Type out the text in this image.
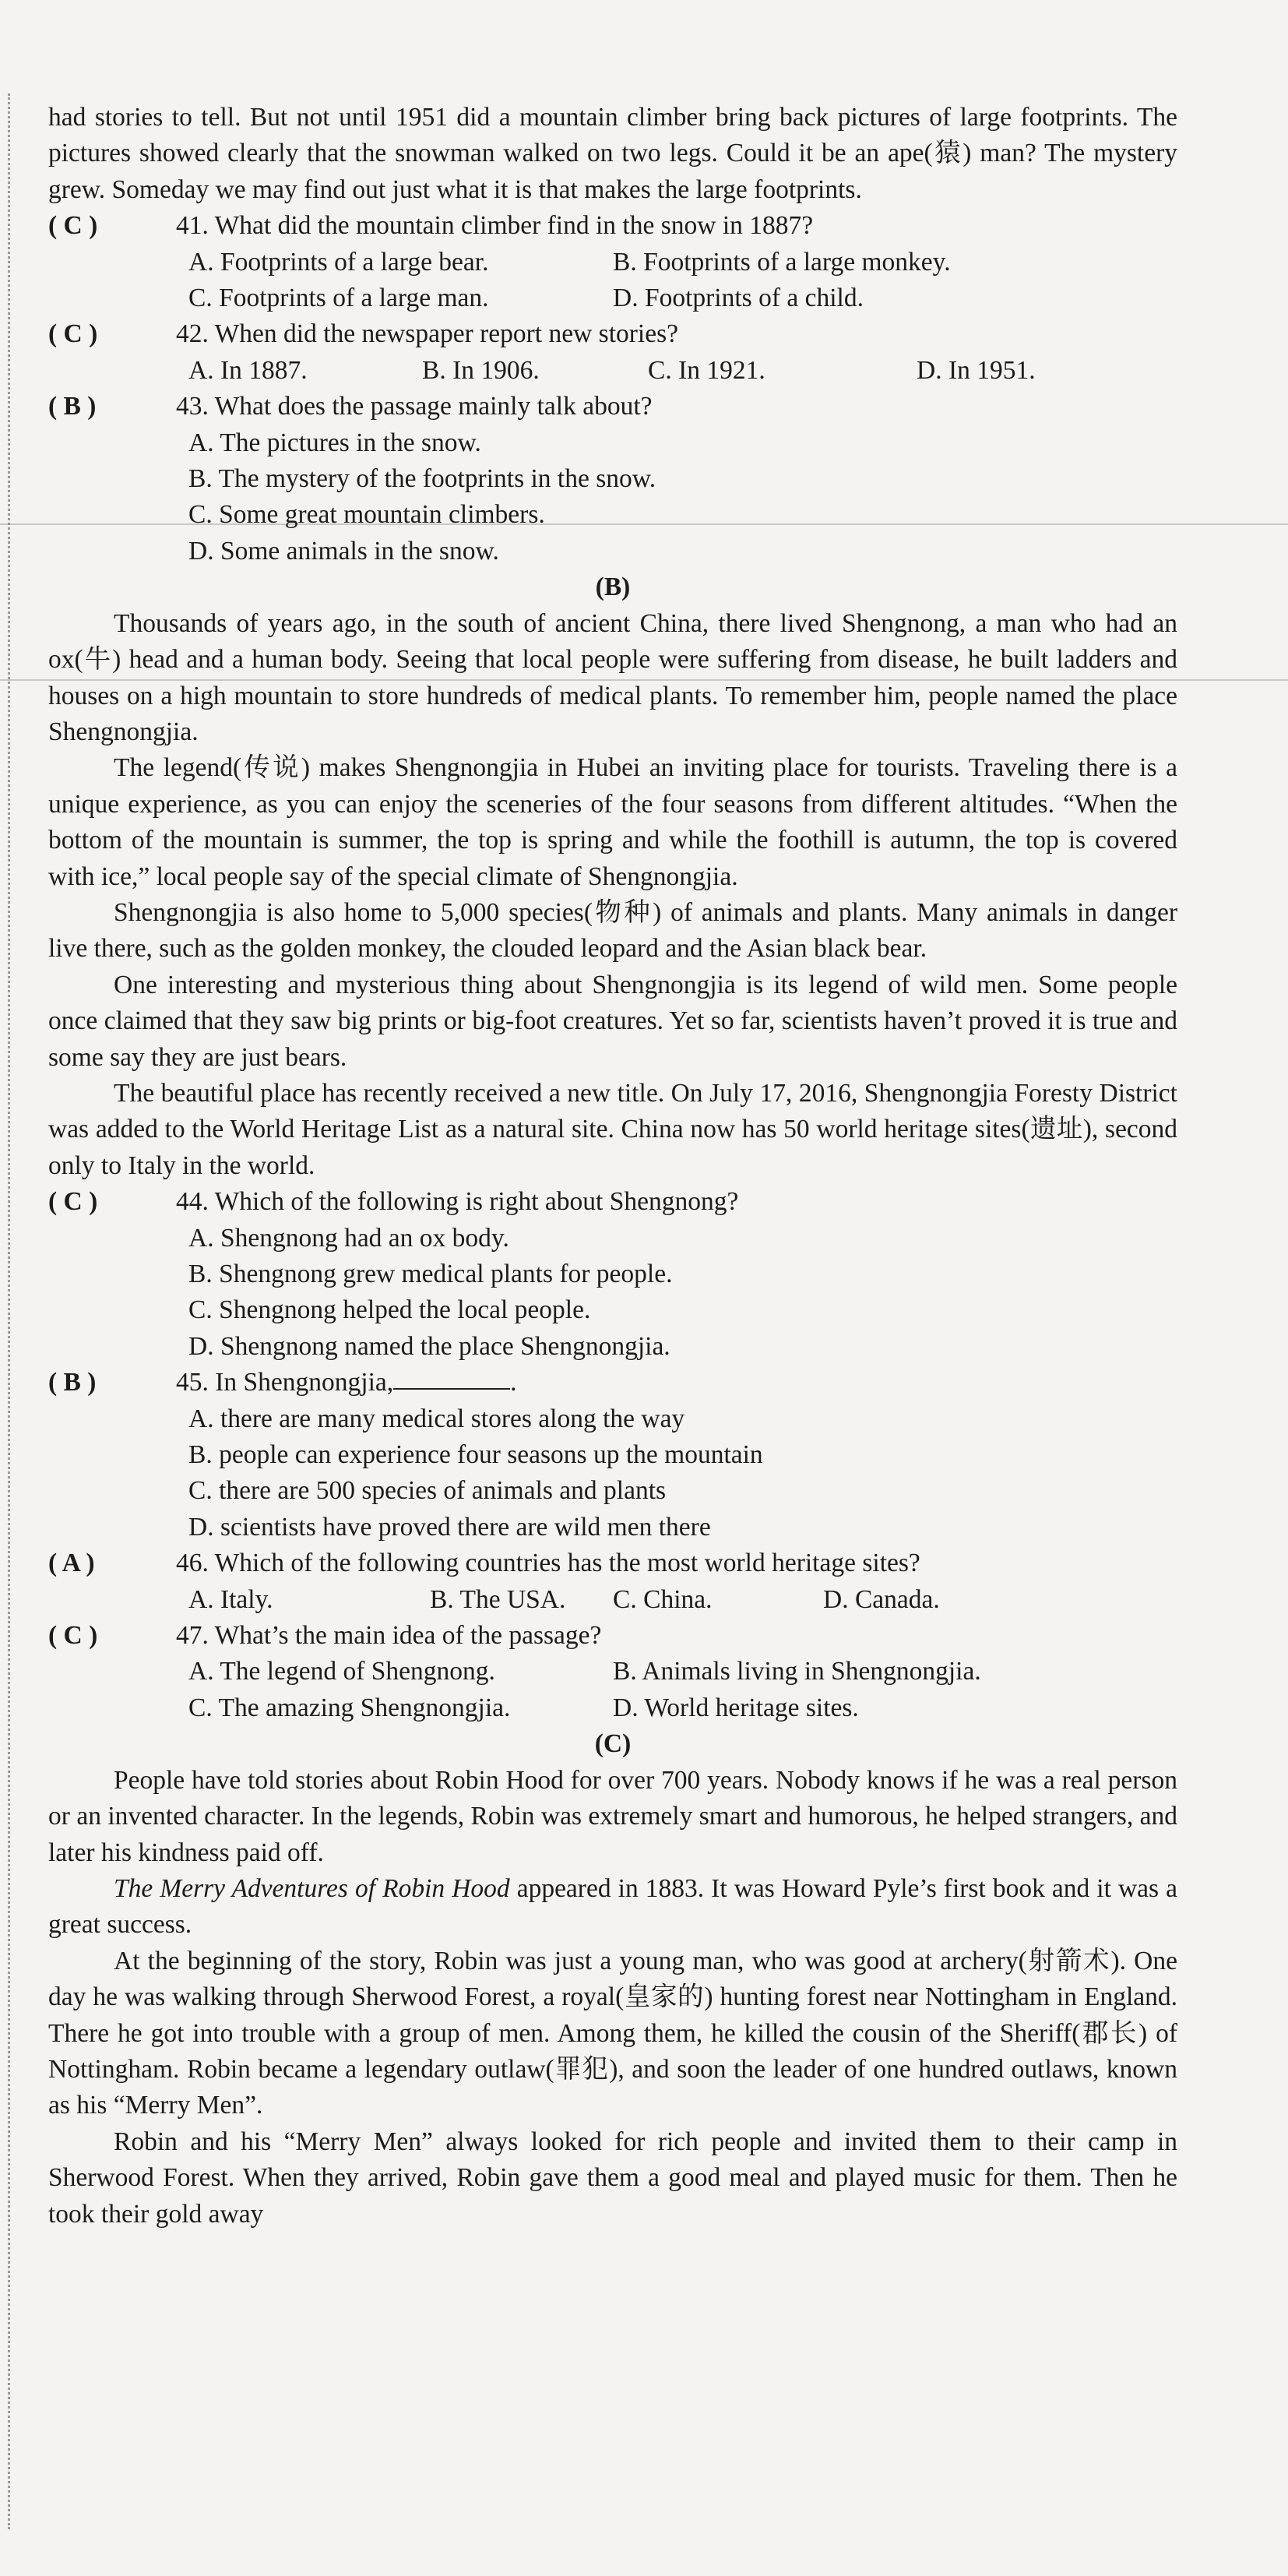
had stories to tell. But not until 1951 did a mountain climber bring back pictures of large footprints. The pictures showed clearly that the snowman walked on two legs. Could it be an ape(猿) man? The mystery grew. Someday we may find out just what it is that makes the large footprints.

( C )	41. What did the mountain climber find in the snow in 1887?
A. Footprints of a large bear.	B. Footprints of a large monkey.
C. Footprints of a large man.	D. Footprints of a child.
( C )	42. When did the newspaper report new stories?
A. In 1887.	B. In 1906.	C. In 1921.	D. In 1951.
( B )	43. What does the passage mainly talk about?
A. The pictures in the snow.
B. The mystery of the footprints in the snow.
C. Some great mountain climbers.
D. Some animals in the snow.
(B)

Thousands of years ago, in the south of ancient China, there lived Shengnong, a man who had an ox(牛) head and a human body. Seeing that local people were suffering from disease, he built ladders and houses on a high mountain to store hundreds of medical plants. To remember him, people named the place Shengnongjia.

The legend(传说) makes Shengnongjia in Hubei an inviting place for tourists. Traveling there is a unique experience, as you can enjoy the sceneries of the four seasons from different altitudes. “When the bottom of the mountain is summer, the top is spring and while the foothill is autumn, the top is covered with ice,” local people say of the special climate of Shengnongjia.

Shengnongjia is also home to 5,000 species(物种) of animals and plants. Many animals in danger live there, such as the golden monkey, the clouded leopard and the Asian black bear.

One interesting and mysterious thing about Shengnongjia is its legend of wild men. Some people once claimed that they saw big prints or big-foot creatures. Yet so far, scientists haven’t proved it is true and some say they are just bears.

The beautiful place has recently received a new title. On July 17, 2016, Shengnongjia Foresty District was added to the World Heritage List as a natural site. China now has 50 world heritage sites(遗址), second only to Italy in the world.

( C )	44. Which of the following is right about Shengnong?
A. Shengnong had an ox body.
B. Shengnong grew medical plants for people.
C. Shengnong helped the local people.
D. Shengnong named the place Shengnongjia.
( B )	45. In Shengnongjia,	.
A. there are many medical stores along the way
B. people can experience four seasons up the mountain
C. there are 500 species of animals and plants
D. scientists have proved there are wild men there
( A )	46. Which of the following countries has the most world heritage sites?
A. Italy.	B. The USA.	C. China.	D. Canada.
( C )	47. What’s the main idea of the passage?
A. The legend of Shengnong.	B. Animals living in Shengnongjia.
C. The amazing Shengnongjia.	D. World heritage sites.
(C)

People have told stories about Robin Hood for over 700 years. Nobody knows if he was a real person or an invented character. In the legends, Robin was extremely smart and humorous, he helped strangers, and later his kindness paid off.

The Merry Adventures of Robin Hood appeared in 1883. It was Howard Pyle’s first book and it was a great success.

At the beginning of the story, Robin was just a young man, who was good at archery(射箭术). One day he was walking through Sherwood Forest, a royal(皇家的) hunting forest near Nottingham in England. There he got into trouble with a group of men. Among them, he killed the cousin of the Sheriff(郡长) of Nottingham. Robin became a legendary outlaw(罪犯), and soon the leader of one hundred outlaws, known as his “Merry Men”.

Robin and his “Merry Men” always looked for rich people and invited them to their camp in Sherwood Forest. When they arrived, Robin gave them a good meal and played music for them. Then he took their gold away
